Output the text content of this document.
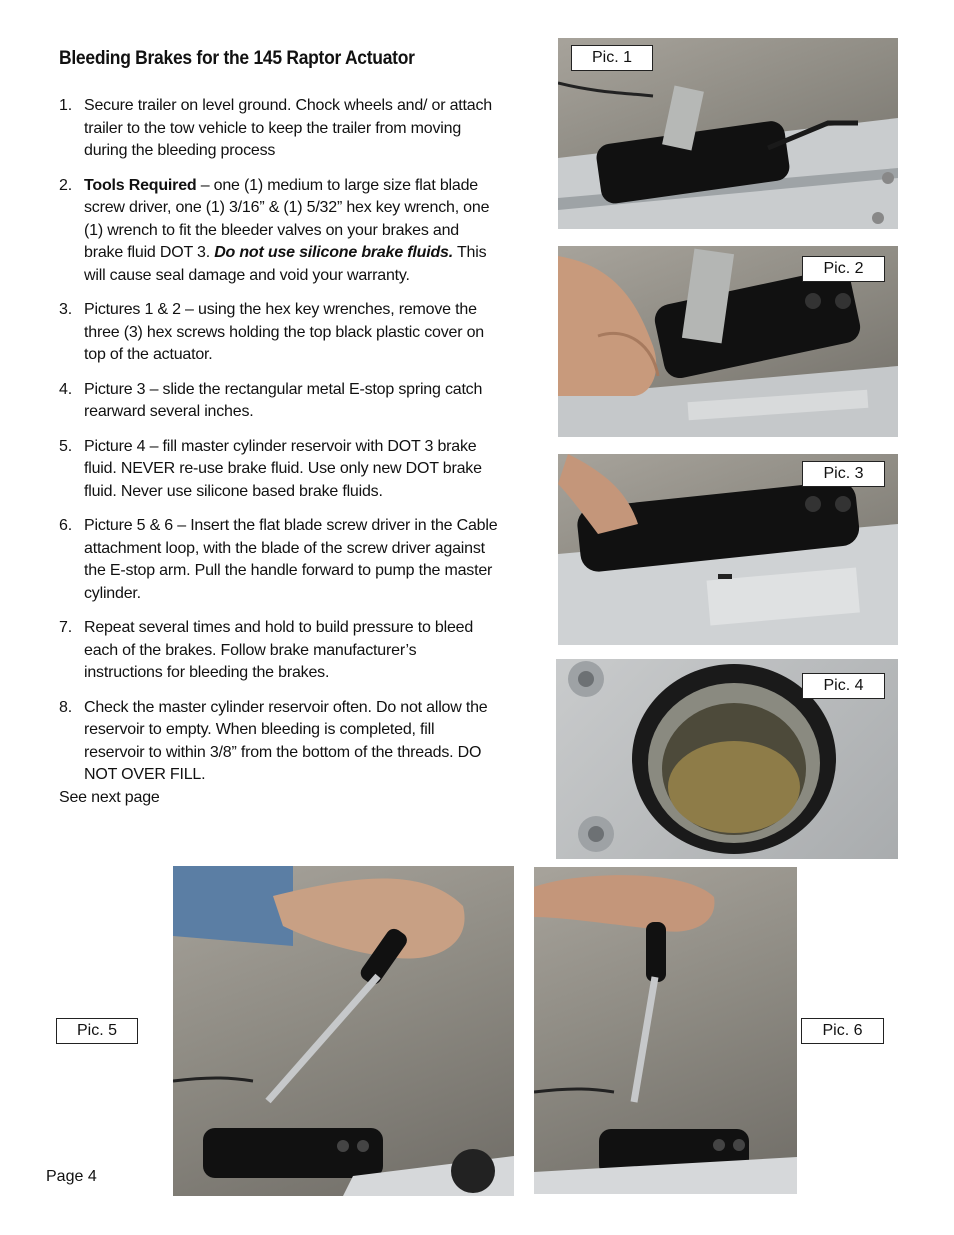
Bleeding Brakes for the 145 Raptor Actuator
1. Secure trailer on level ground. Chock wheels and/ or attach trailer to the tow vehicle to keep the trailer from moving during the bleeding process
2. Tools Required – one (1) medium to large size flat blade screw driver, one (1) 3/16” & (1) 5/32” hex key wrench, one (1) wrench to fit the bleeder valves on your brakes and brake fluid DOT 3. Do not use silicone brake fluids. This will cause seal damage and void your warranty.
3. Pictures 1 & 2 – using the hex key wrenches, remove the three (3) hex screws holding the top black plastic cover on top of the actuator.
4. Picture 3 – slide the rectangular metal E-stop spring catch rearward several inches.
5. Picture 4 – fill master cylinder reservoir with DOT 3 brake fluid. NEVER re-use brake fluid. Use only new DOT brake fluid. Never use silicone based brake fluids.
6. Picture 5 & 6 – Insert the flat blade screw driver in the Cable attachment loop, with the blade of the screw driver against the E-stop arm. Pull the handle forward to pump the master cylinder.
7. Repeat several times and hold to build pressure to bleed each of the brakes. Follow brake manufacturer’s instructions for bleeding the brakes.
8. Check the master cylinder reservoir often. Do not allow the reservoir to empty. When bleeding is completed, fill reservoir to within 3/8” from the bottom of the threads. DO NOT OVER FILL.
See next page
Pic. 1
Pic. 2
Pic. 3
Pic. 4
Pic. 5	Pic. 6
Page 4
